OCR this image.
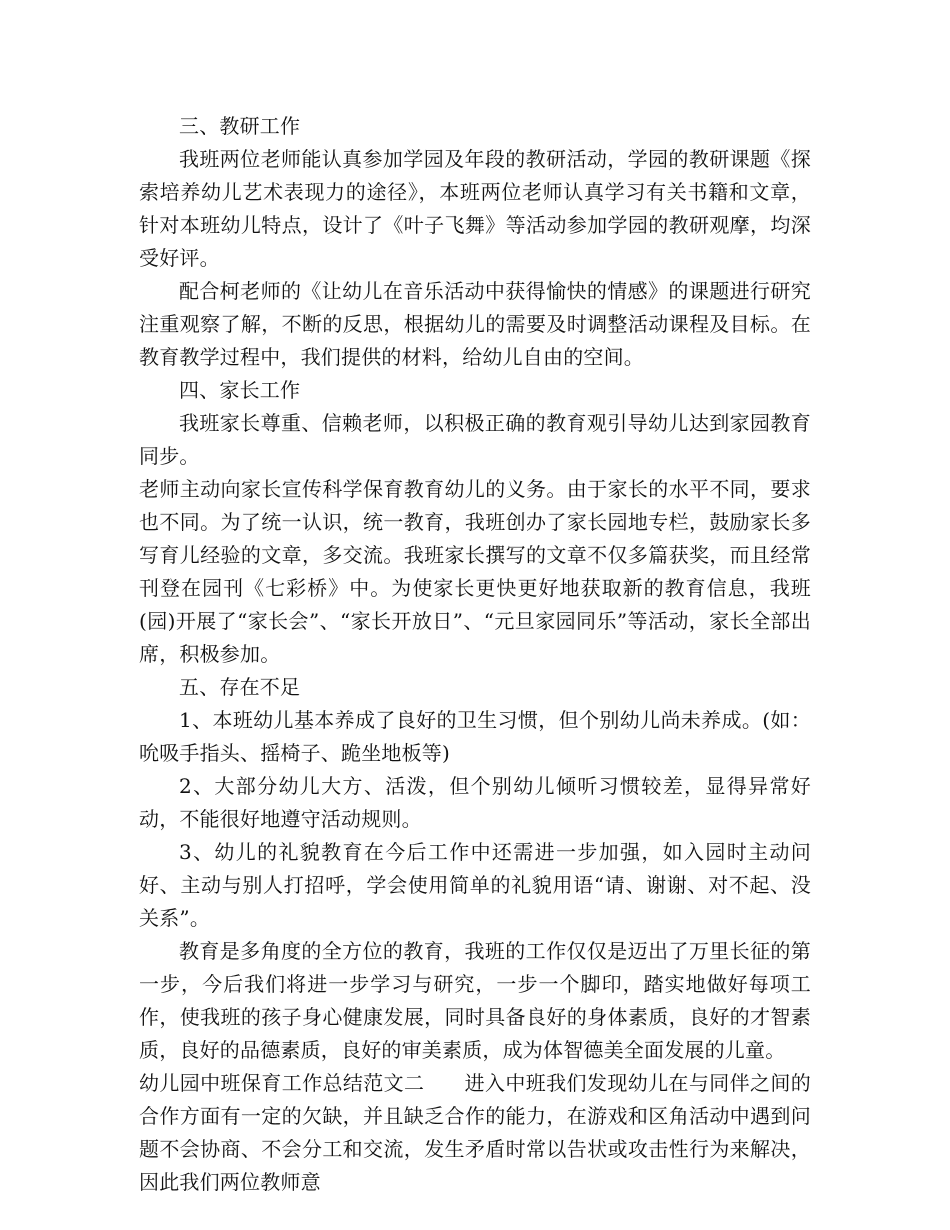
三、教研工作

我班两位老师能认真参加学园及年段的教研活动，学园的教研课题《探索培养幼儿艺术表现力的途径》，本班两位老师认真学习有关书籍和文章，针对本班幼儿特点，设计了《叶子飞舞》等活动参加学园的教研观摩，均深受好评。

配合柯老师的《让幼儿在音乐活动中获得愉快的情感》的课题进行研究注重观察了解，不断的反思，根据幼儿的需要及时调整活动课程及目标。在教育教学过程中，我们提供的材料，给幼儿自由的空间。

四、家长工作

我班家长尊重、信赖老师，以积极正确的教育观引导幼儿达到家园教育同步。

老师主动向家长宣传科学保育教育幼儿的义务。由于家长的水平不同，要求也不同。为了统一认识，统一教育，我班创办了家长园地专栏，鼓励家长多写育儿经验的文章，多交流。我班家长撰写的文章不仅多篇获奖，而且经常刊登在园刊《七彩桥》中。为使家长更快更好地获取新的教育信息，我班(园)开展了“家长会”、“家长开放日”、“元旦家园同乐”等活动，家长全部出席，积极参加。

五、存在不足

1、本班幼儿基本养成了良好的卫生习惯，但个别幼儿尚未养成。(如：吮吸手指头、摇椅子、跪坐地板等)

2、大部分幼儿大方、活泼，但个别幼儿倾听习惯较差，显得异常好动，不能很好地遵守活动规则。

3、幼儿的礼貌教育在今后工作中还需进一步加强，如入园时主动问好、主动与别人打招呼，学会使用简单的礼貌用语“请、谢谢、对不起、没关系”。

教育是多角度的全方位的教育，我班的工作仅仅是迈出了万里长征的第一步，今后我们将进一步学习与研究，一步一个脚印，踏实地做好每项工作，使我班的孩子身心健康发展，同时具备良好的身体素质，良好的才智素质，良好的品德素质，良好的审美素质，成为体智德美全面发展的儿童。

幼儿园中班保育工作总结范文二 进入中班我们发现幼儿在与同伴之间的合作方面有一定的欠缺，并且缺乏合作的能力，在游戏和区角活动中遇到问题不会协商、不会分工和交流，发生矛盾时常以告状或攻击性行为来解决，因此我们两位教师意
